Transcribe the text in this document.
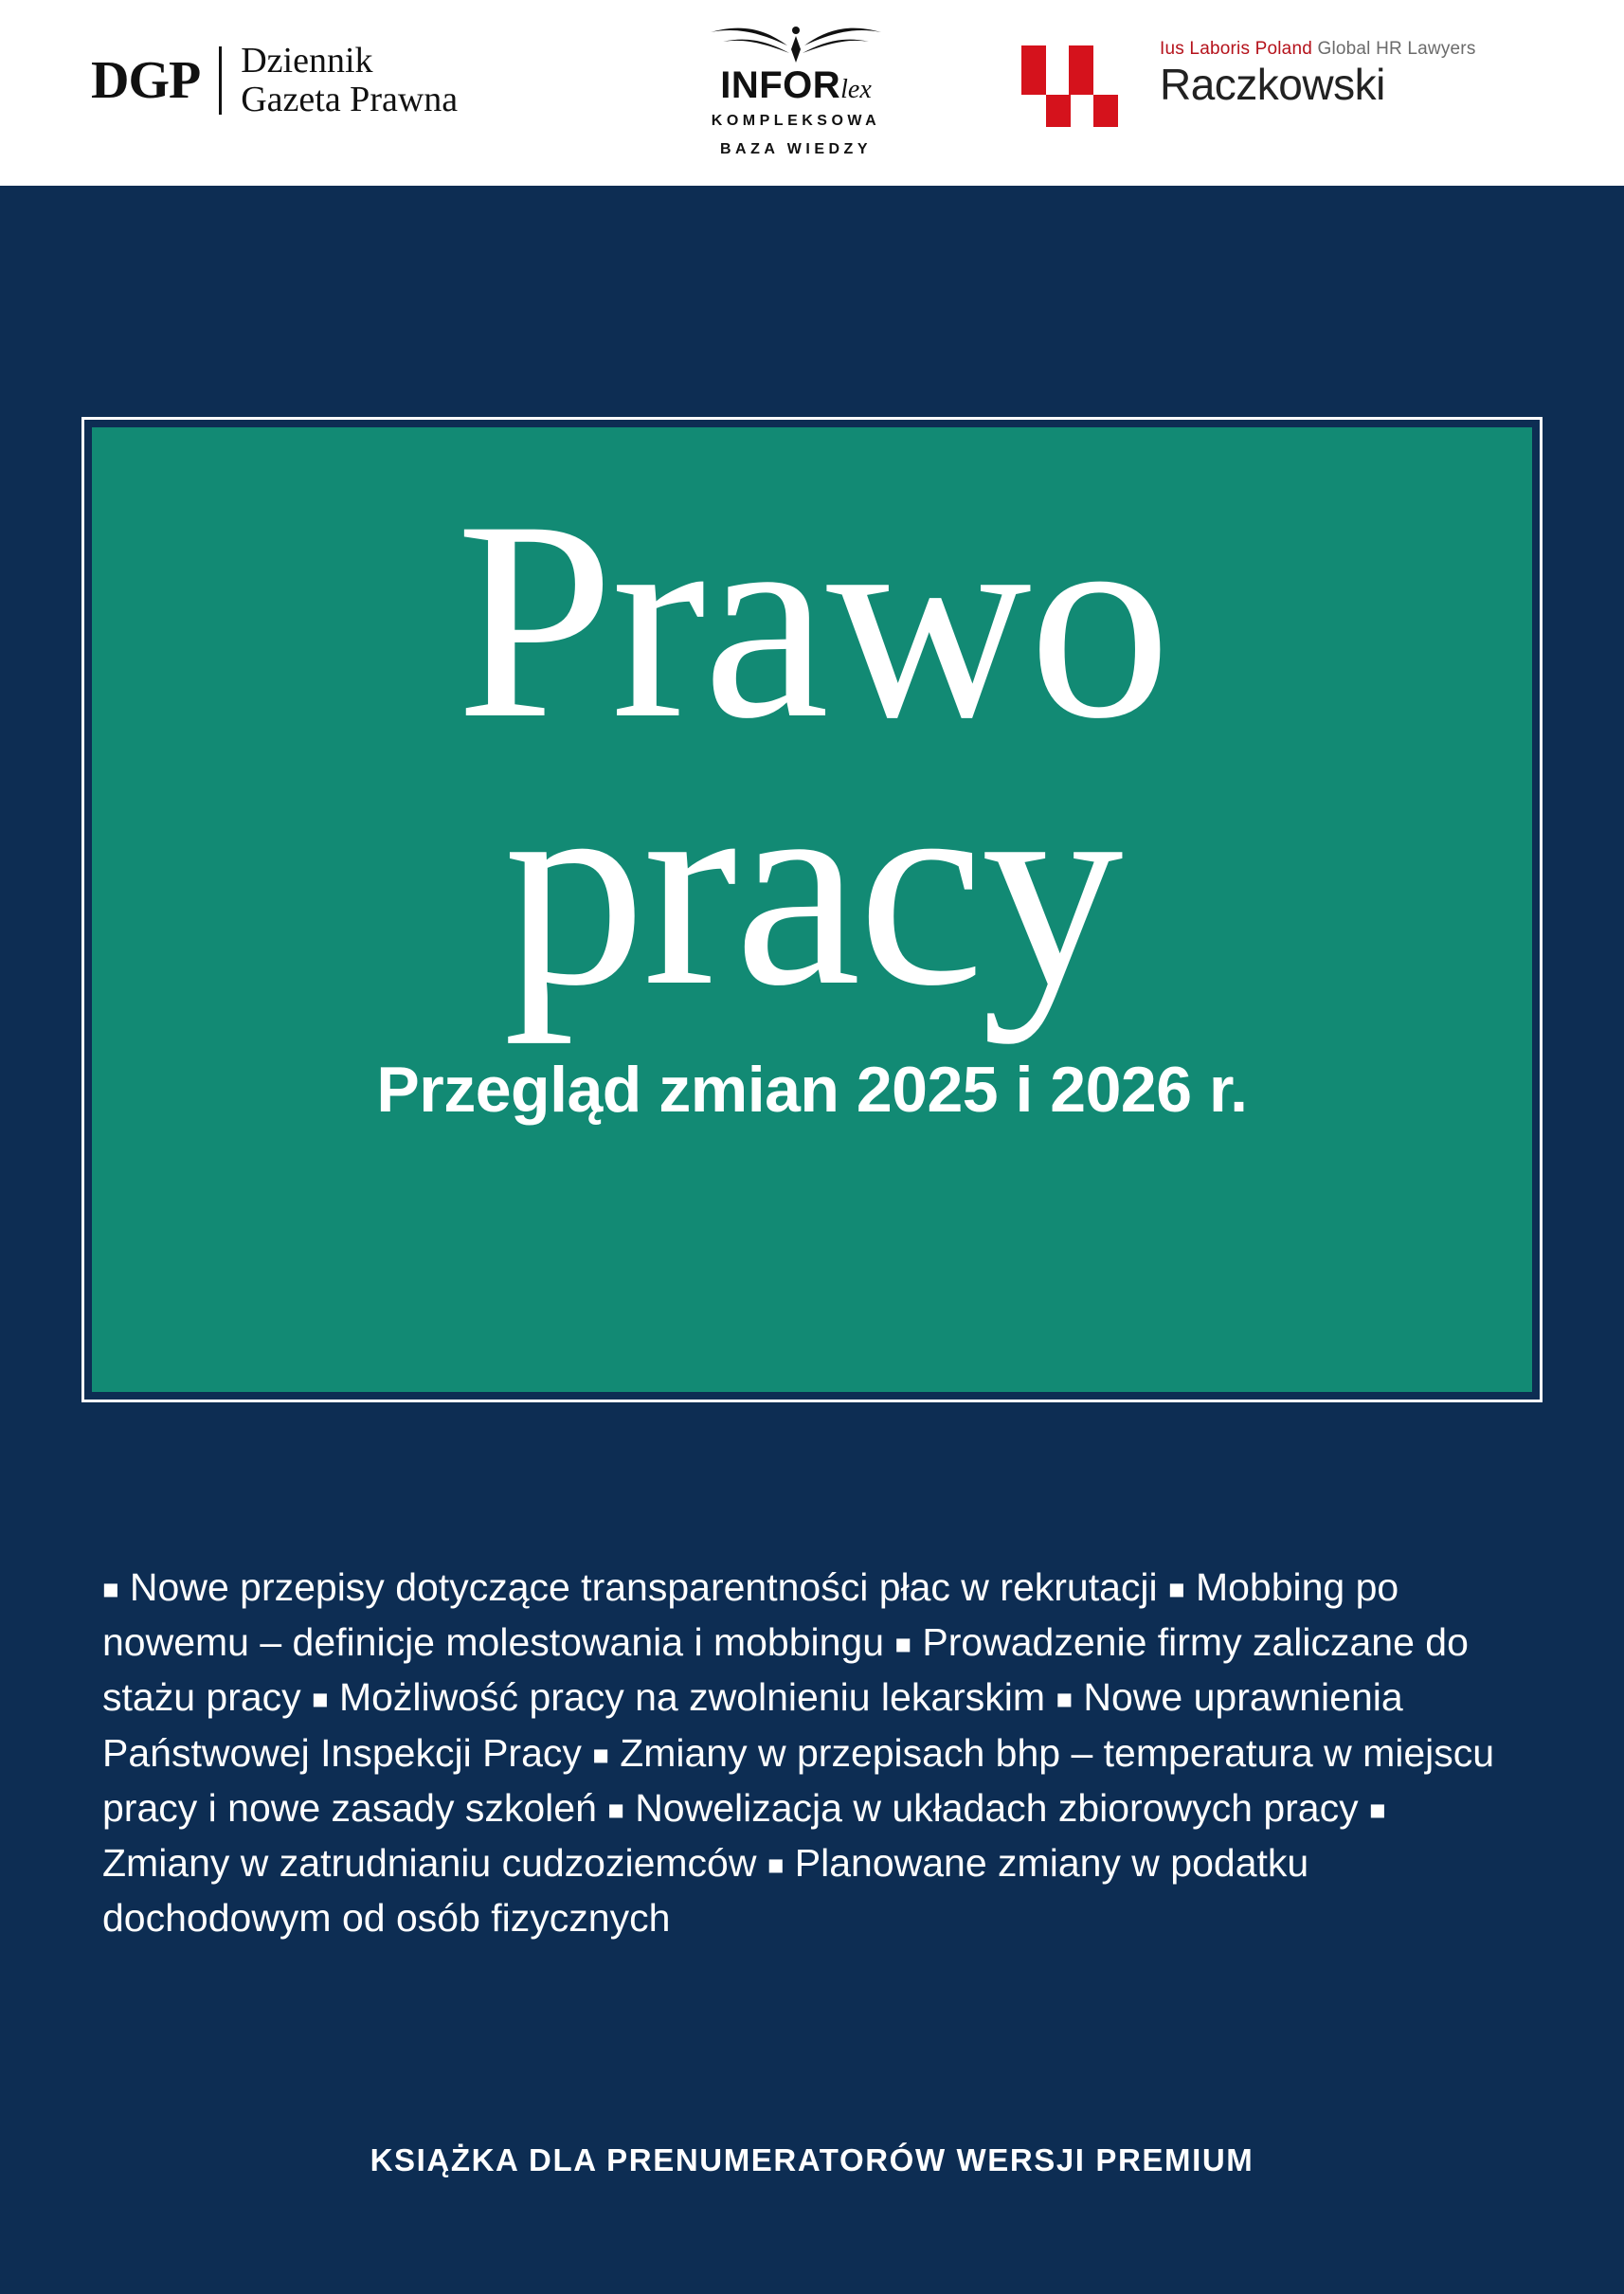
DGP Dziennik
Gazeta Prawna	INFORlex
KOMPLEKSOWA
BAZA WIEDZY
Ius Laboris Poland Global HR Lawyers
Raczkowski
Prawo
pracy
Przegląd zmian 2025 i 2026 r.
■ Nowe przepisy dotyczące transparentności płac w rekrutacji ■ Mobbing po nowemu – definicje molestowania i mobbingu ■ Prowadzenie firmy zaliczane do stażu pracy ■ Możliwość pracy na zwolnieniu lekarskim ■ Nowe uprawnienia Państwowej Inspekcji Pracy ■ Zmiany w przepisach bhp – temperatura w miejscu pracy i nowe zasady szkoleń ■ Nowelizacja w układach zbiorowych pracy ■ Zmiany w zatrudnianiu cudzoziemców ■ Planowane zmiany w podatku dochodowym od osób fizycznych
KSIĄŻKA DLA PRENUMERATORÓW WERSJI PREMIUM
